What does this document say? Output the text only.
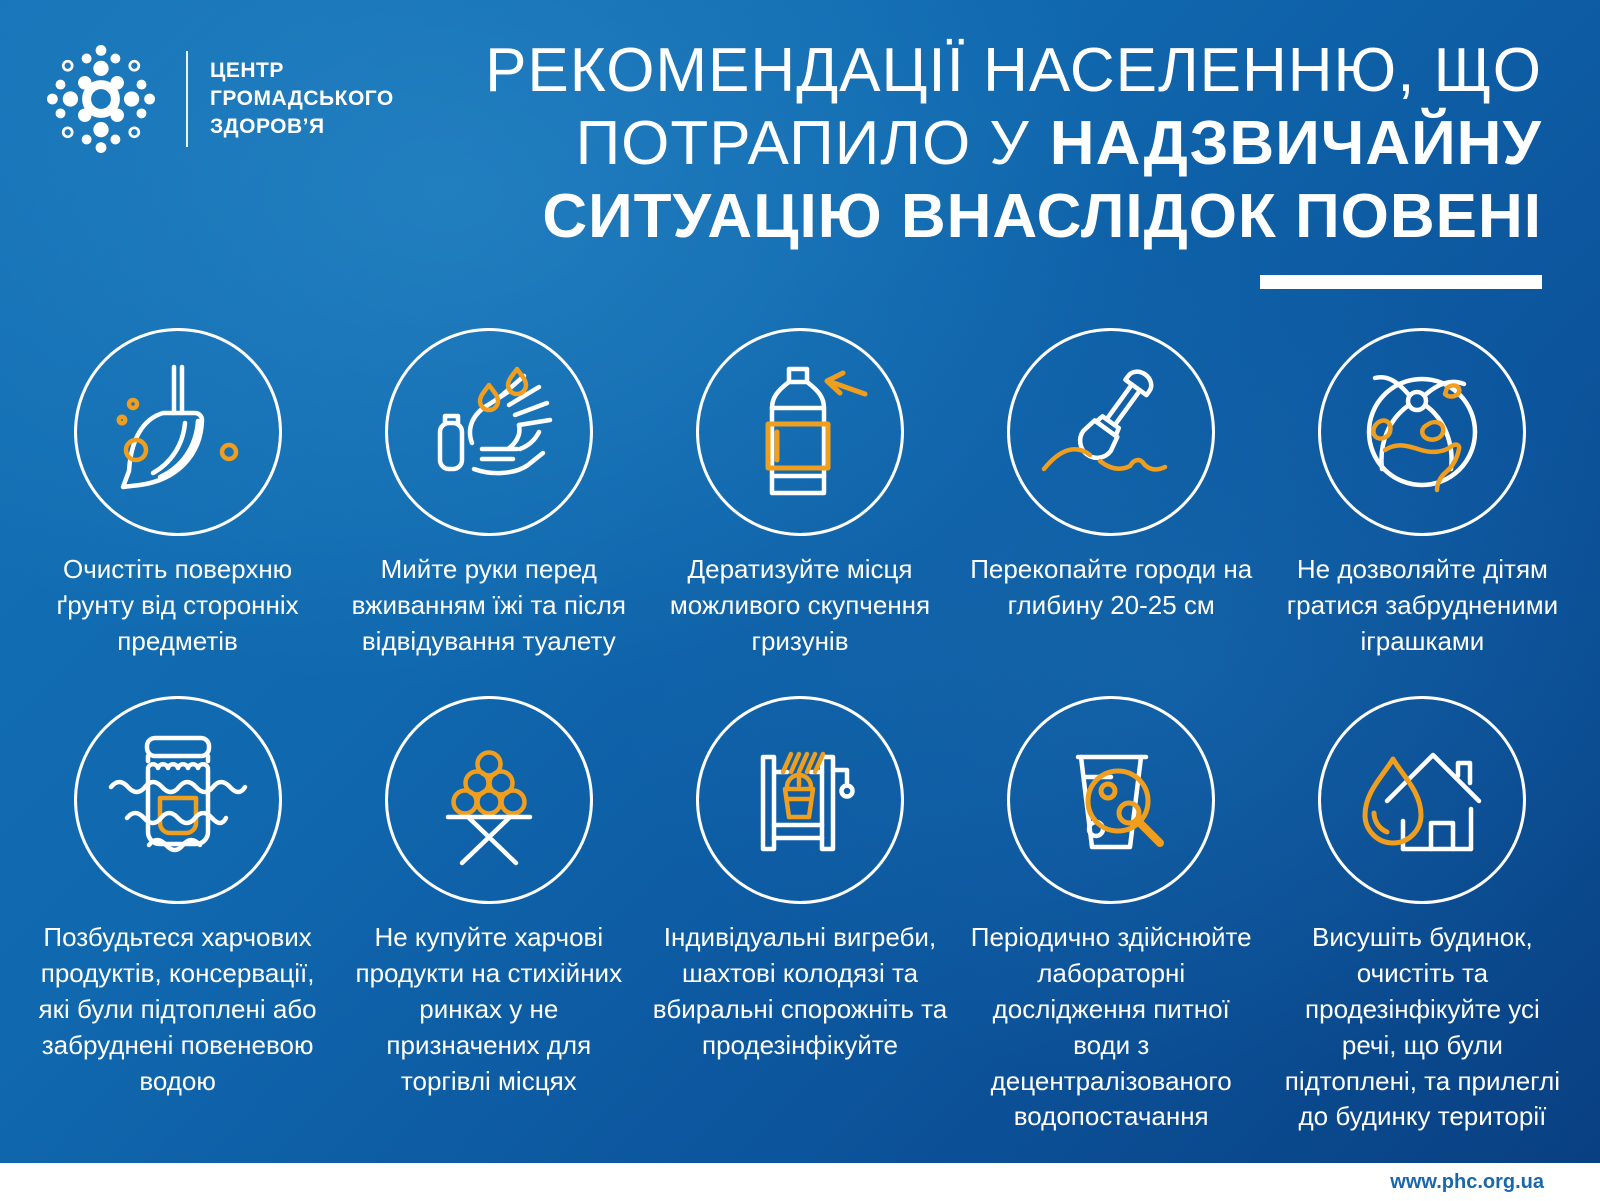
ЦЕНТР
ГРОМАДСЬКОГО
ЗДОРОВ’Я
РЕКОМЕНДАЦІЇ НАСЕЛЕННЮ, ЩО
ПОТРАПИЛО У НАДЗВИЧАЙНУ
СИТУАЦІЮ ВНАСЛІДОК ПОВЕНІ

Очистіть поверхню ґрунту від сторонніх предметів

Мийте руки перед вживанням їжі та після відвідування туалету

Дератизуйте місця можливого скупчення гризунів

Перекопайте городи на глибину 20-25 см

Не дозволяйте дітям гратися забрудненими іграшками

Позбудьтеся харчових продуктів, консервації, які були підтоплені або забруднені повеневою водою

Не купуйте харчові продукти на стихійних ринках у не призначених для торгівлі місцях

Індивідуальні вигреби, шахтові колодязі та вбиральні спорожніть та продезінфікуйте

Періодично здійснюйте лабораторні дослідження питної води з децентралізованого водопостачання

Висушіть будинок, очистіть та продезінфікуйте усі речі, що були підтоплені, та прилеглі до будинку території

www.phc.org.ua
